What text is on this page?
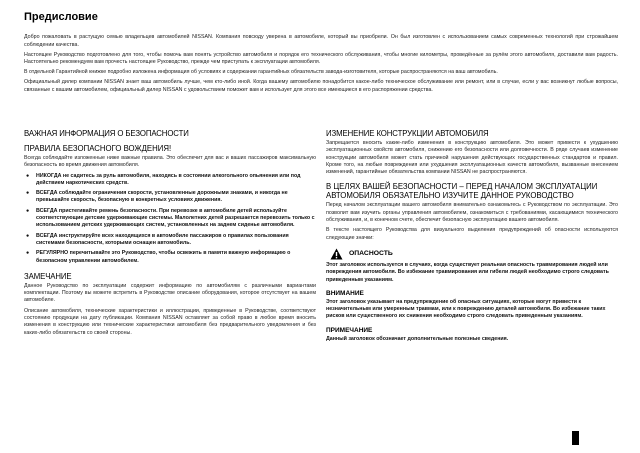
Предисловие

Добро пожаловать в растущую семью владельцев автомобилей NISSAN. Компания повсюду уверена в автомобиле, который вы приобрели. Он был изготовлен с использованием самых современных технологий при строжайшем соблюдении качества.

Настоящее Руководство подготовлено для того, чтобы помочь вам понять устройство автомобиля и порядок его технического обслуживания, чтобы многие километры, проведённые за рулём этого автомобиля, доставили вам радость. Настоятельно рекомендуем вам прочесть настоящее Руководство, прежде чем приступать к эксплуатации автомобиля.

В отдельной Гарантийной книжке подробно изложена информация об условиях и содержании гарантийных обязательств завода-изготовителя, которые распространяются на ваш автомобиль.

Официальный дилер компании NISSAN знает ваш автомобиль лучше, чем кто-либо иной. Когда вашему автомобилю понадобится какое-либо техническое обслуживание или ремонт, или в случае, если у вас возникнут любые вопросы, связанные с вашим автомобилем, официальный дилер NISSAN с удовольствием поможет вам и использует для этого все имеющиеся в его распоряжении средства.

ВАЖНАЯ ИНФОРМАЦИЯ О БЕЗОПАСНОСТИ
ПРАВИЛА БЕЗОПАСНОГО ВОЖДЕНИЯ!
Всегда соблюдайте изложенные ниже важные правила. Это обеспечит для вас и ваших пассажиров максимальную безопасность во время движения автомобиля.
●	НИКОГДА не садитесь за руль автомобиля, находясь в состоянии алкогольного опьянения или под действием наркотических средств.
●	ВСЕГДА соблюдайте ограничения скорости, установленные дорожными знаками, и никогда не превышайте скорость, безопасную в конкретных условиях движения.
●	ВСЕГДА пристегивайте ремень безопасности. При перевозке в автомобиле детей используйте соответствующие детские удерживающие системы. Малолетних детей разрешается перевозить только с использованием детских удерживающих систем, установленных на заднем сиденье автомобиля.
●	ВСЕГДА инструктируйте всех находящихся в автомобиле пассажиров о правилах пользования системами безопасности, которыми оснащен автомобиль.
●	РЕГУЛЯРНО перечитывайте это Руководство, чтобы освежить в памяти важную информацию о безопасном управлении автомобилем.
ЗАМЕЧАНИЕ
Данное Руководство по эксплуатации содержит информацию по автомобилям с различными вариантами комплектации. Поэтому вы можете встретить в Руководстве описание оборудования, которое отсутствует на вашем автомобиле.
Описание автомобиля, технические характеристики и иллюстрации, приведенные в Руководстве, соответствуют состоянию продукции на дату публикации. Компания NISSAN оставляет за собой право в любое время вносить изменения в конструкцию или технические характеристики автомобиля без предварительного уведомления и без каких-либо обязательств со своей стороны.
ИЗМЕНЕНИЕ КОНСТРУКЦИИ АВТОМОБИЛЯ
Запрещается вносить какие-либо изменения в конструкцию автомобиля. Это может привести к ухудшению эксплуатационных свойств автомобиля, снижению его безопасности или долговечности. В ряде случаев изменение конструкции автомобиля может стать причиной нарушения действующих государственных стандартов и правил. Кроме того, на любые повреждения или ухудшения эксплуатационных качеств автомобиля, вызванные внесением изменений, гарантийные обязательства компании NISSAN не распространяются.
В ЦЕЛЯХ ВАШЕЙ БЕЗОПАСНОСТИ – ПЕРЕД НАЧАЛОМ ЭКСПЛУАТАЦИИ АВТОМОБИЛЯ ОБЯЗАТЕЛЬНО ИЗУЧИТЕ ДАННОЕ РУКОВОДСТВО
Перед началом эксплуатации вашего автомобиля внимательно ознакомьтесь с Руководством по эксплуатации. Это позволит вам изучить органы управления автомобилем, ознакомиться с требованиями, касающимися технического обслуживания, и, в конечном счете, обеспечит безопасную эксплуатацию вашего автомобиля.
В тексте настоящего Руководства для визуального выделения предупреждений об опасности используются следующие значки:
ОПАСНОСТЬ
Этот заголовок используется в случаях, когда существует реальная опасность травмирования людей или повреждения автомобиля. Во избежание травмирования или гибели людей необходимо строго следовать приведенным указаниям.
ВНИМАНИЕ
Этот заголовок указывает на предупреждение об опасных ситуациях, которые могут привести к незначительным или умеренным травмам, или к повреждению деталей автомобиля. Во избежание таких рисков или существенного их снижения необходимо строго следовать приведенным указаниям.
ПРИМЕЧАНИЕ
Данный заголовок обозначает дополнительные полезные сведения.
